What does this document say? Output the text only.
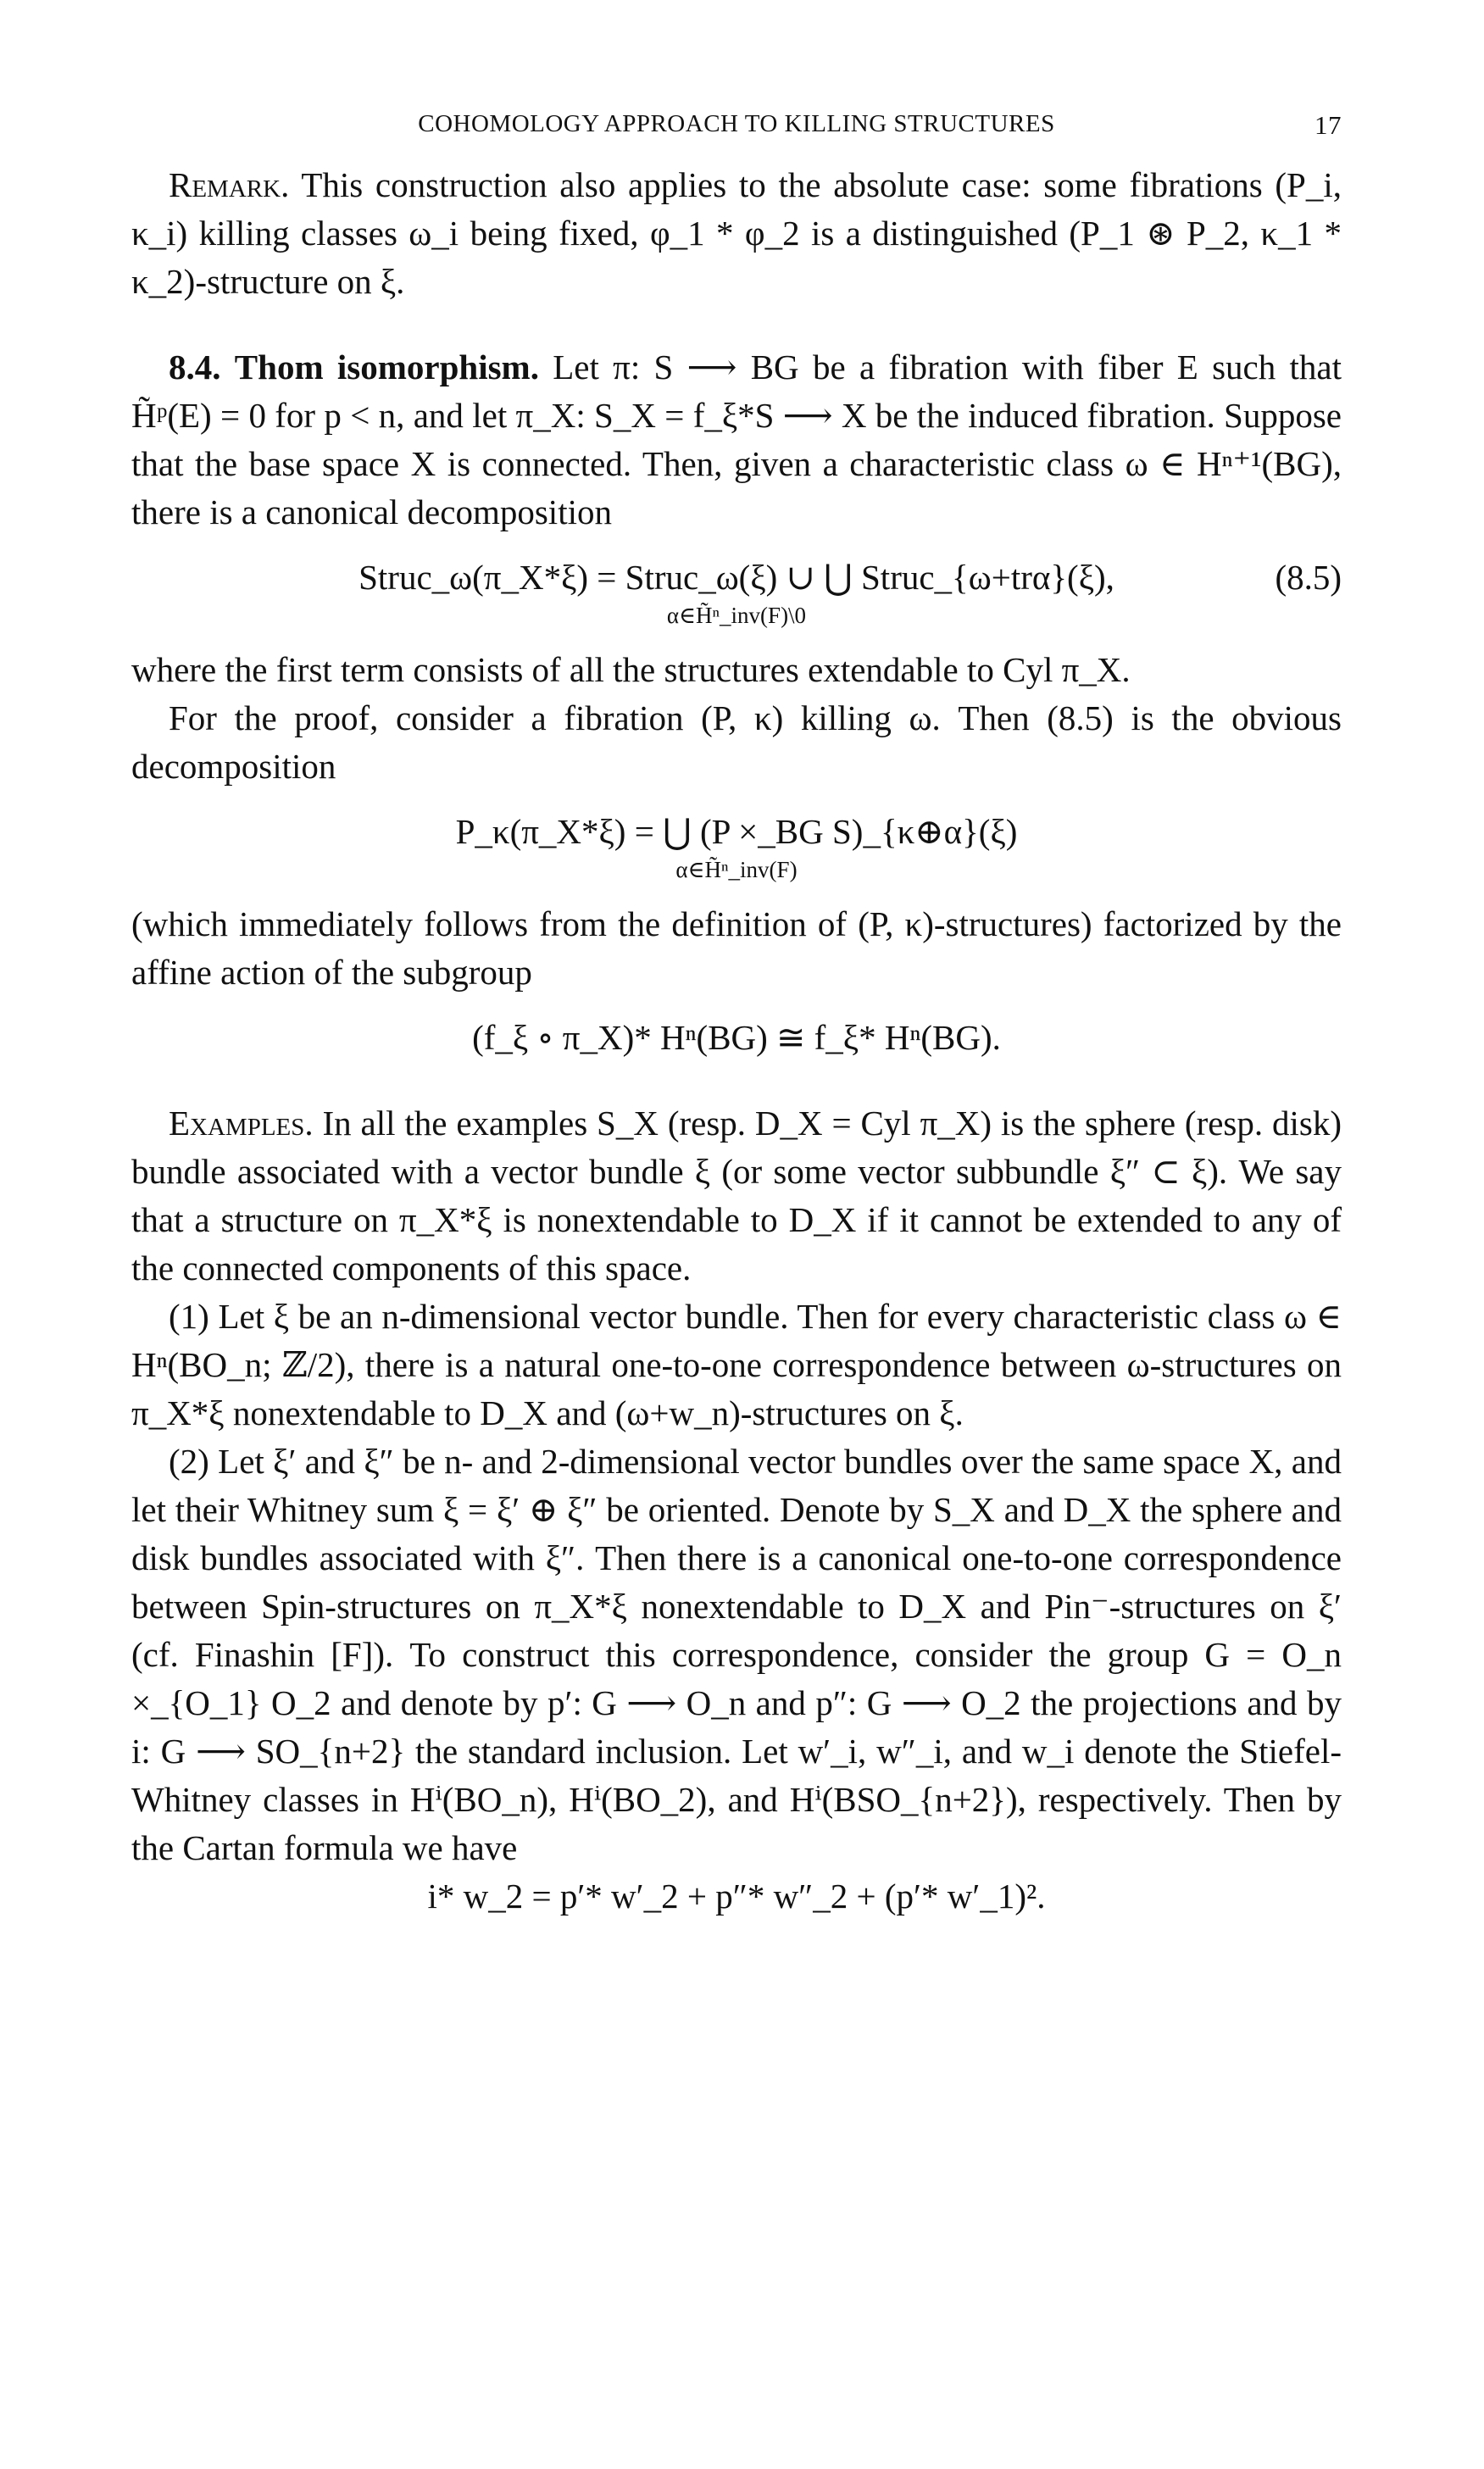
COHOMOLOGY APPROACH TO KILLING STRUCTURES	17

Remark. This construction also applies to the absolute case: some fibrations (P_i, κ_i) killing classes ω_i being fixed, φ_1 * φ_2 is a distinguished (P_1 ⊛ P_2, κ_1 * κ_2)-structure on ξ.

8.4. Thom isomorphism. Let π: S ⟶ BG be a fibration with fiber E such that H̃ᵖ(E) = 0 for p < n, and let π_X: S_X = f_ξ*S ⟶ X be the induced fibration. Suppose that the base space X is connected. Then, given a characteristic class ω ∈ Hⁿ⁺¹(BG), there is a canonical decomposition

Struc_ω(π_X*ξ) = Struc_ω(ξ) ∪ ⋃ Struc_{ω+trα}(ξ),	(8.5)
α∈H̃ⁿ_inv(F)\0

where the first term consists of all the structures extendable to Cyl π_X.

For the proof, consider a fibration (P, κ) killing ω. Then (8.5) is the obvious decomposition

P_κ(π_X*ξ) = ⋃ (P ×_BG S)_{κ⊕α}(ξ)
α∈H̃ⁿ_inv(F)

(which immediately follows from the definition of (P, κ)-structures) factorized by the affine action of the subgroup

(f_ξ ∘ π_X)* Hⁿ(BG) ≅ f_ξ* Hⁿ(BG).

Examples. In all the examples S_X (resp. D_X = Cyl π_X) is the sphere (resp. disk) bundle associated with a vector bundle ξ (or some vector subbundle ξ″ ⊂ ξ). We say that a structure on π_X*ξ is nonextendable to D_X if it cannot be extended to any of the connected components of this space.

(1) Let ξ be an n-dimensional vector bundle. Then for every characteristic class ω ∈ Hⁿ(BO_n; ℤ/2), there is a natural one-to-one correspondence between ω-structures on π_X*ξ nonextendable to D_X and (ω+w_n)-structures on ξ.

(2) Let ξ′ and ξ″ be n- and 2-dimensional vector bundles over the same space X, and let their Whitney sum ξ = ξ′ ⊕ ξ″ be oriented. Denote by S_X and D_X the sphere and disk bundles associated with ξ″. Then there is a canonical one-to-one correspondence between Spin-structures on π_X*ξ nonextendable to D_X and Pin⁻-structures on ξ′ (cf. Finashin [F]). To construct this correspondence, consider the group G = O_n ×_{O_1} O_2 and denote by p′: G ⟶ O_n and p″: G ⟶ O_2 the projections and by i: G ⟶ SO_{n+2} the standard inclusion. Let w′_i, w″_i, and w_i denote the Stiefel-Whitney classes in Hⁱ(BO_n), Hⁱ(BO_2), and Hⁱ(BSO_{n+2}), respectively. Then by the Cartan formula we have

i* w_2 = p′* w′_2 + p″* w″_2 + (p′* w′_1)².
